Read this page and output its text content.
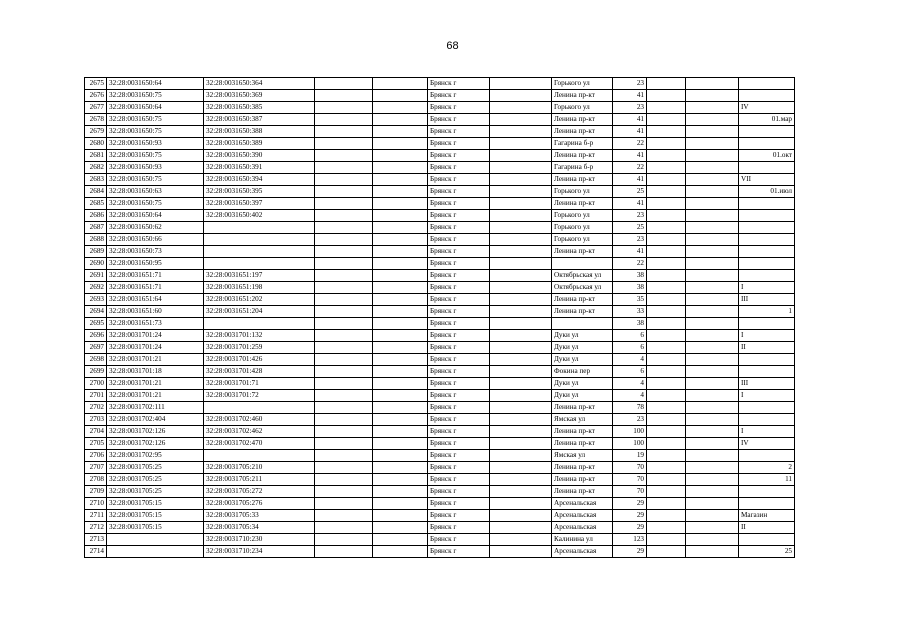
68
2675	32:28:0031650:64	32:28:0031650:364			Брянск г		Горького ул	23			
2676	32:28:0031650:75	32:28:0031650:369			Брянск г		Ленина пр-кт	41			
2677	32:28:0031650:64	32:28:0031650:385			Брянск г		Горького ул	23			IV
2678	32:28:0031650:75	32:28:0031650:387			Брянск г		Ленина пр-кт	41			01.мар
2679	32:28:0031650:75	32:28:0031650:388			Брянск г		Ленина пр-кт	41			
2680	32:28:0031650:93	32:28:0031650:389			Брянск г		Гагарина б-р	22			
2681	32:28:0031650:75	32:28:0031650:390			Брянск г		Ленина пр-кт	41			01.окт
2682	32:28:0031650:93	32:28:0031650:391			Брянск г		Гагарина б-р	22			
2683	32:28:0031650:75	32:28:0031650:394			Брянск г		Ленина пр-кт	41			VII
2684	32:28:0031650:63	32:28:0031650:395			Брянск г		Горького ул	25			01.июл
2685	32:28:0031650:75	32:28:0031650:397			Брянск г		Ленина пр-кт	41			
2686	32:28:0031650:64	32:28:0031650:402			Брянск г		Горького ул	23			
2687	32:28:0031650:62				Брянск г		Горького ул	25			
2688	32:28:0031650:66				Брянск г		Горького ул	23			
2689	32:28:0031650:73				Брянск г		Ленина пр-кт	41			
2690	32:28:0031650:95				Брянск г			22			
2691	32:28:0031651:71	32:28:0031651:197			Брянск г		Октябрьская ул	38			
2692	32:28:0031651:71	32:28:0031651:198			Брянск г		Октябрьская ул	38			I
2693	32:28:0031651:64	32:28:0031651:202			Брянск г		Ленина пр-кт	35			III
2694	32:28:0031651:60	32:28:0031651:204			Брянск г		Ленина пр-кт	33			1
2695	32:28:0031651:73				Брянск г			38			
2696	32:28:0031701:24	32:28:0031701:132			Брянск г		Дуки ул	6			I
2697	32:28:0031701:24	32:28:0031701:259			Брянск г		Дуки ул	6			II
2698	32:28:0031701:21	32:28:0031701:426			Брянск г		Дуки ул	4			
2699	32:28:0031701:18	32:28:0031701:428			Брянск г		Фокина пер	6			
2700	32:28:0031701:21	32:28:0031701:71			Брянск г		Дуки ул	4			III
2701	32:28:0031701:21	32:28:0031701:72			Брянск г		Дуки ул	4			I
2702	32:28:0031702:111				Брянск г		Ленина пр-кт	78			
2703	32:28:0031702:404	32:28:0031702:460			Брянск г		Ямская ул	23			
2704	32:28:0031702:126	32:28:0031702:462			Брянск г		Ленина пр-кт	100			I
2705	32:28:0031702:126	32:28:0031702:470			Брянск г		Ленина пр-кт	100			IV
2706	32:28:0031702:95				Брянск г		Ямская ул	19			
2707	32:28:0031705:25	32:28:0031705:210			Брянск г		Ленина пр-кт	70			2
2708	32:28:0031705:25	32:28:0031705:211			Брянск г		Ленина пр-кт	70			11
2709	32:28:0031705:25	32:28:0031705:272			Брянск г		Ленина пр-кт	70			
2710	32:28:0031705:15	32:28:0031705:276			Брянск г		Арсенальская	29			
2711	32:28:0031705:15	32:28:0031705:33			Брянск г		Арсенальская	29			Магазин
2712	32:28:0031705:15	32:28:0031705:34			Брянск г		Арсенальская	29			II
2713		32:28:0031710:230			Брянск г		Калинина ул	123			
2714		32:28:0031710:234			Брянск г		Арсенальская	29			25
